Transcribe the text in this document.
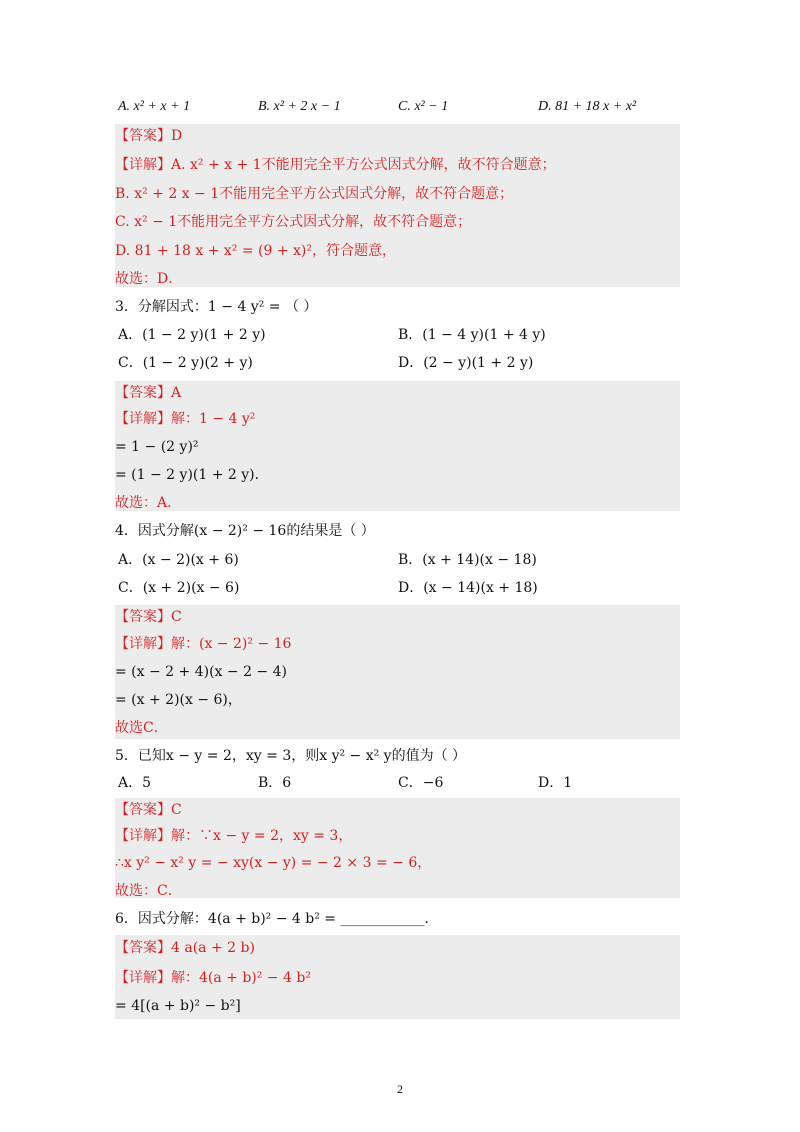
A. x² + x + 1	B. x² + 2 x − 1	C. x² − 1	D. 81 + 18 x + x²
【答案】D
【详解】A. x² + x + 1不能用完全平方公式因式分解，故不符合题意；
B. x² + 2 x − 1不能用完全平方公式因式分解，故不符合题意；
C. x² − 1不能用完全平方公式因式分解，故不符合题意；
D. 81 + 18 x + x² = (9 + x)²，符合题意，
故选：D．
3．分解因式：1 − 4 y² = （ ）
A．(1 − 2 y)(1 + 2 y)	B．(1 − 4 y)(1 + 4 y)
C．(1 − 2 y)(2 + y)	D．(2 − y)(1 + 2 y)
【答案】A
【详解】解：1 − 4 y²
= 1 − (2 y)²
= (1 − 2 y)(1 + 2 y)．
故选：A．
4．因式分解(x − 2)² − 16的结果是（ ）
A．(x − 2)(x + 6)	B．(x + 14)(x − 18)
C．(x + 2)(x − 6)	D．(x − 14)(x + 18)
【答案】C
【详解】解：(x − 2)² − 16
= (x − 2 + 4)(x − 2 − 4)
= (x + 2)(x − 6)，
故选C．
5．已知x − y = 2，xy = 3，则x y² − x² y的值为（ ）
A．5	B．6	C．−6	D．1
【答案】C
【详解】解：∵x − y = 2，xy = 3，
∴x y² − x² y = − xy(x − y) = − 2 × 3 = − 6，
故选：C．
6．因式分解：4(a + b)² − 4 b² = ____________．
【答案】4 a(a + 2 b)
【详解】解：4(a + b)² − 4 b²
= 4[(a + b)² − b²]
2
